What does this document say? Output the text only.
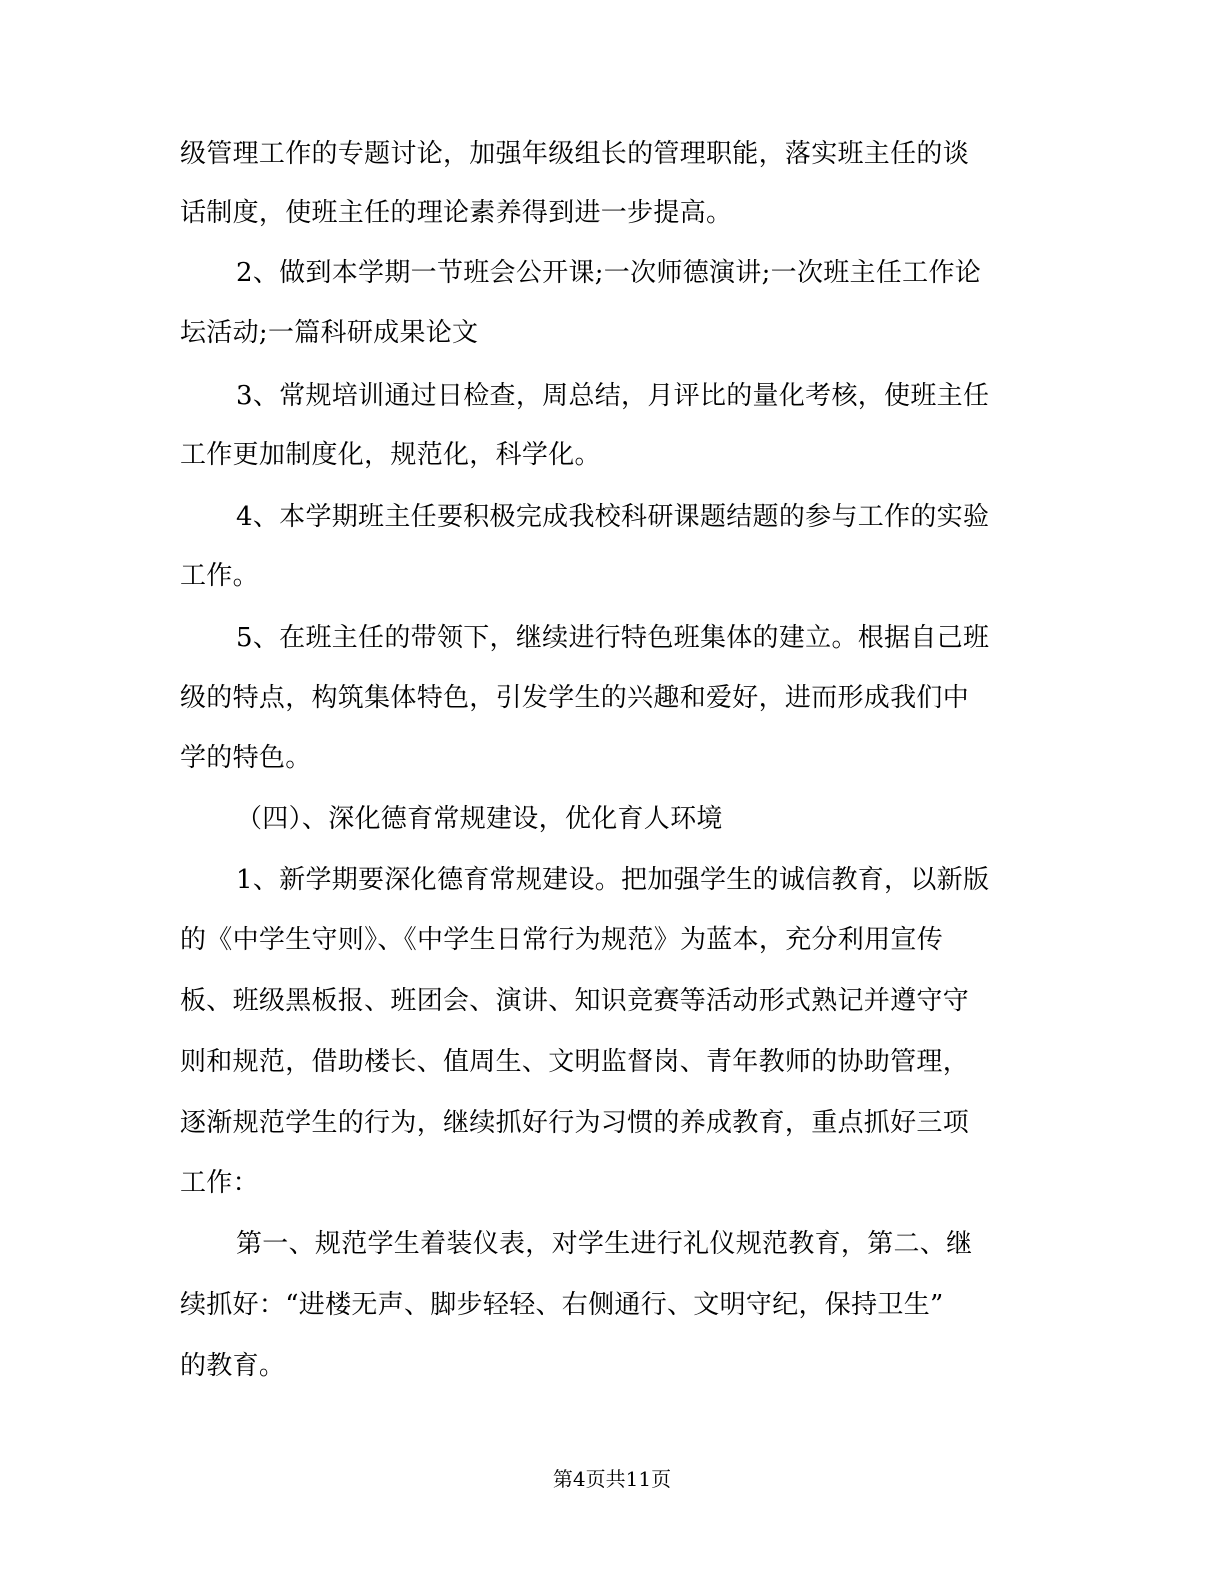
级管理工作的专题讨论，加强年级组长的管理职能，落实班主任的谈
话制度，使班主任的理论素养得到进一步提高。
2、做到本学期一节班会公开课;一次师德演讲;一次班主任工作论
坛活动;一篇科研成果论文
3、常规培训通过日检查，周总结，月评比的量化考核，使班主任
工作更加制度化，规范化，科学化。
4、本学期班主任要积极完成我校科研课题结题的参与工作的实验
工作。
5、在班主任的带领下，继续进行特色班集体的建立。根据自己班
级的特点，构筑集体特色，引发学生的兴趣和爱好，进而形成我们中
学的特色。
（四）、深化德育常规建设，优化育人环境
1、新学期要深化德育常规建设。把加强学生的诚信教育，以新版
的《中学生守则》、《中学生日常行为规范》为蓝本，充分利用宣传
板、班级黑板报、班团会、演讲、知识竞赛等活动形式熟记并遵守守
则和规范，借助楼长、值周生、文明监督岗、青年教师的协助管理，
逐渐规范学生的行为，继续抓好行为习惯的养成教育，重点抓好三项
工作：
第一、规范学生着装仪表，对学生进行礼仪规范教育，第二、继
续抓好：“进楼无声、脚步轻轻、右侧通行、文明守纪，保持卫生”
的教育。
第4页共11页
